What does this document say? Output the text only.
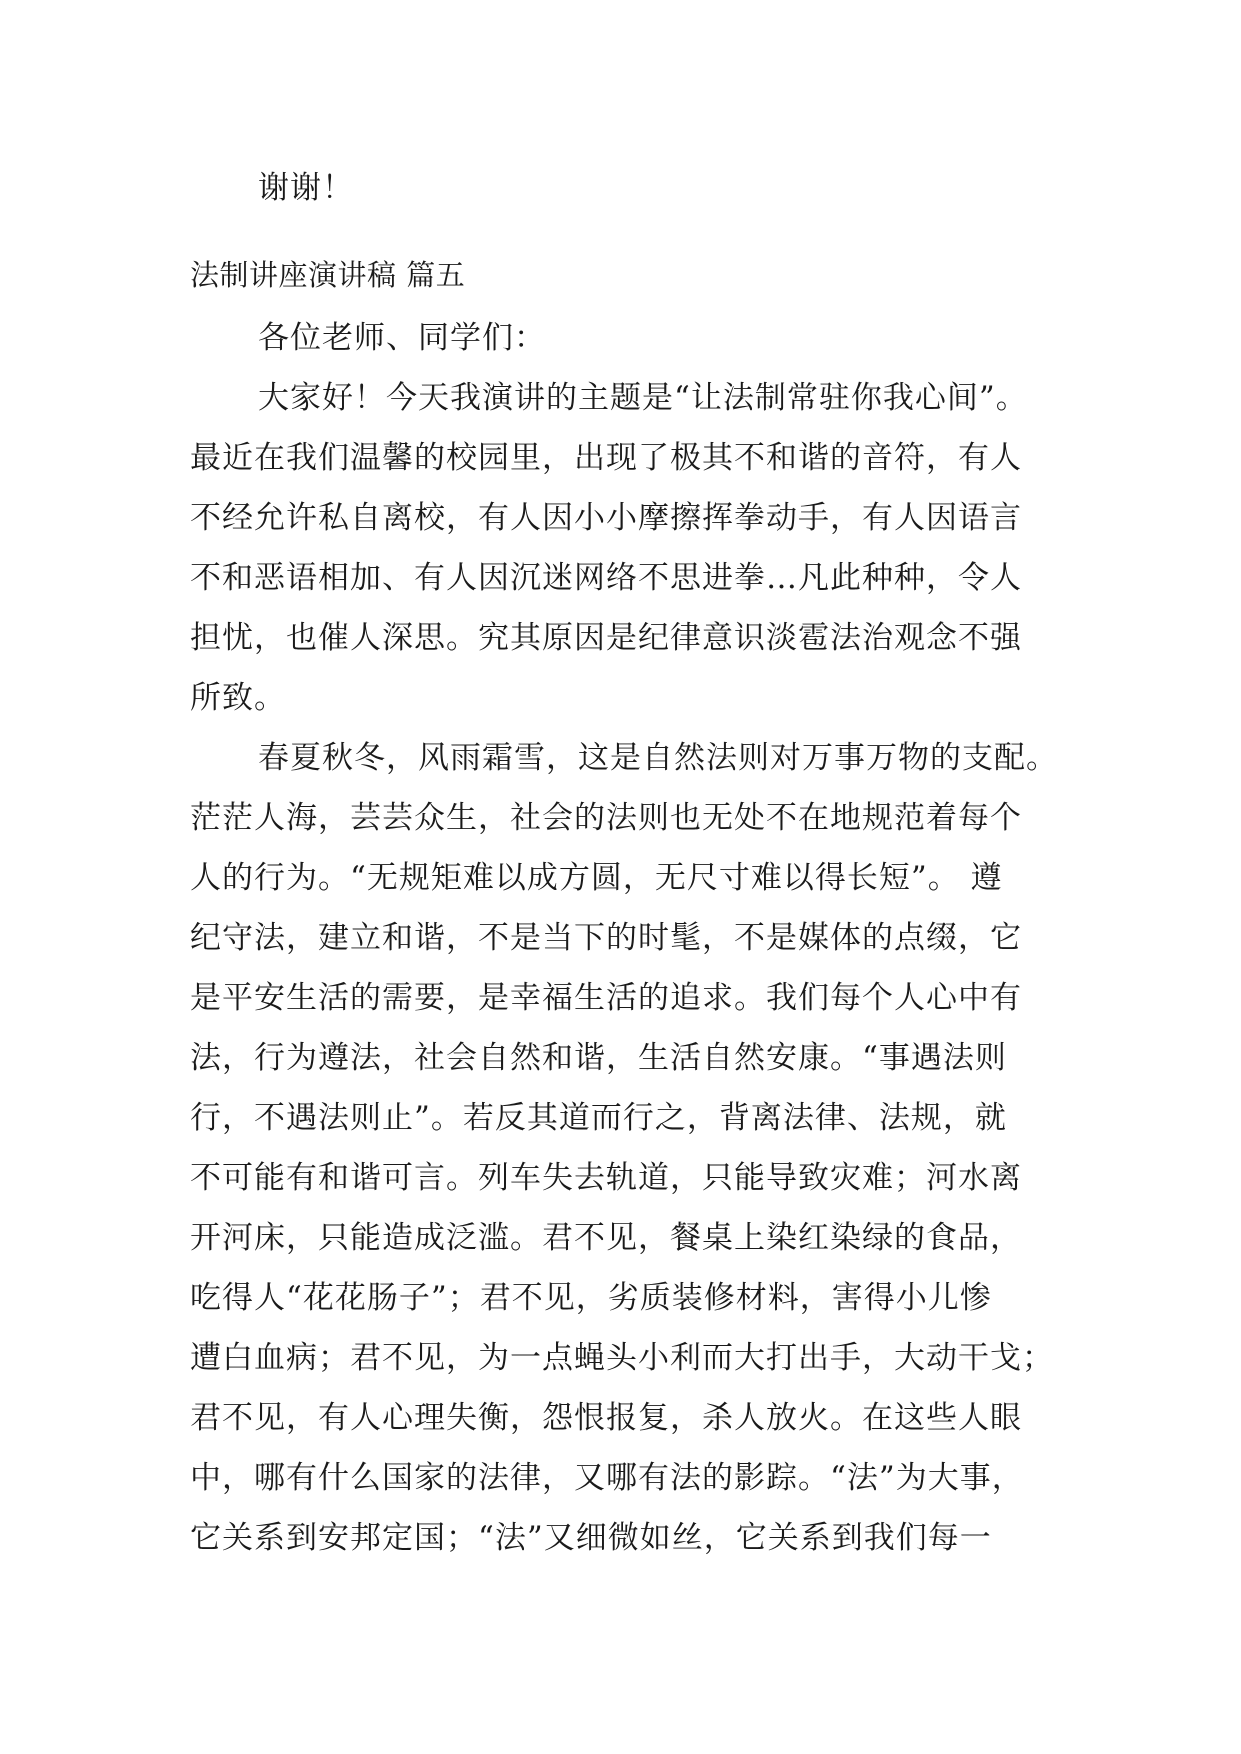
谢谢！
法制讲座演讲稿 篇五
各位老师、同学们：
大家好！今天我演讲的主题是“让法制常驻你我心间”。
最近在我们温馨的校园里，出现了极其不和谐的音符，有人
不经允许私自离校，有人因小小摩擦挥拳动手，有人因语言
不和恶语相加、有人因沉迷网络不思进拳…凡此种种，令人
担忧，也催人深思。究其原因是纪律意识淡雹法治观念不强
所致。
春夏秋冬，风雨霜雪，这是自然法则对万事万物的支配。
茫茫人海，芸芸众生，社会的法则也无处不在地规范着每个
人的行为。“无规矩难以成方圆，无尺寸难以得长短”。 遵
纪守法，建立和谐，不是当下的时髦，不是媒体的点缀，它
是平安生活的需要，是幸福生活的追求。我们每个人心中有
法，行为遵法，社会自然和谐，生活自然安康。“事遇法则
行，不遇法则止”。若反其道而行之，背离法律、法规，就
不可能有和谐可言。列车失去轨道，只能导致灾难；河水离
开河床，只能造成泛滥。君不见，餐桌上染红染绿的食品，
吃得人“花花肠子”；君不见，劣质装修材料，害得小儿惨
遭白血病；君不见，为一点蝇头小利而大打出手，大动干戈；
君不见，有人心理失衡，怨恨报复，杀人放火。在这些人眼
中，哪有什么国家的法律，又哪有法的影踪。“法”为大事，
它关系到安邦定国；“法”又细微如丝，它关系到我们每一
